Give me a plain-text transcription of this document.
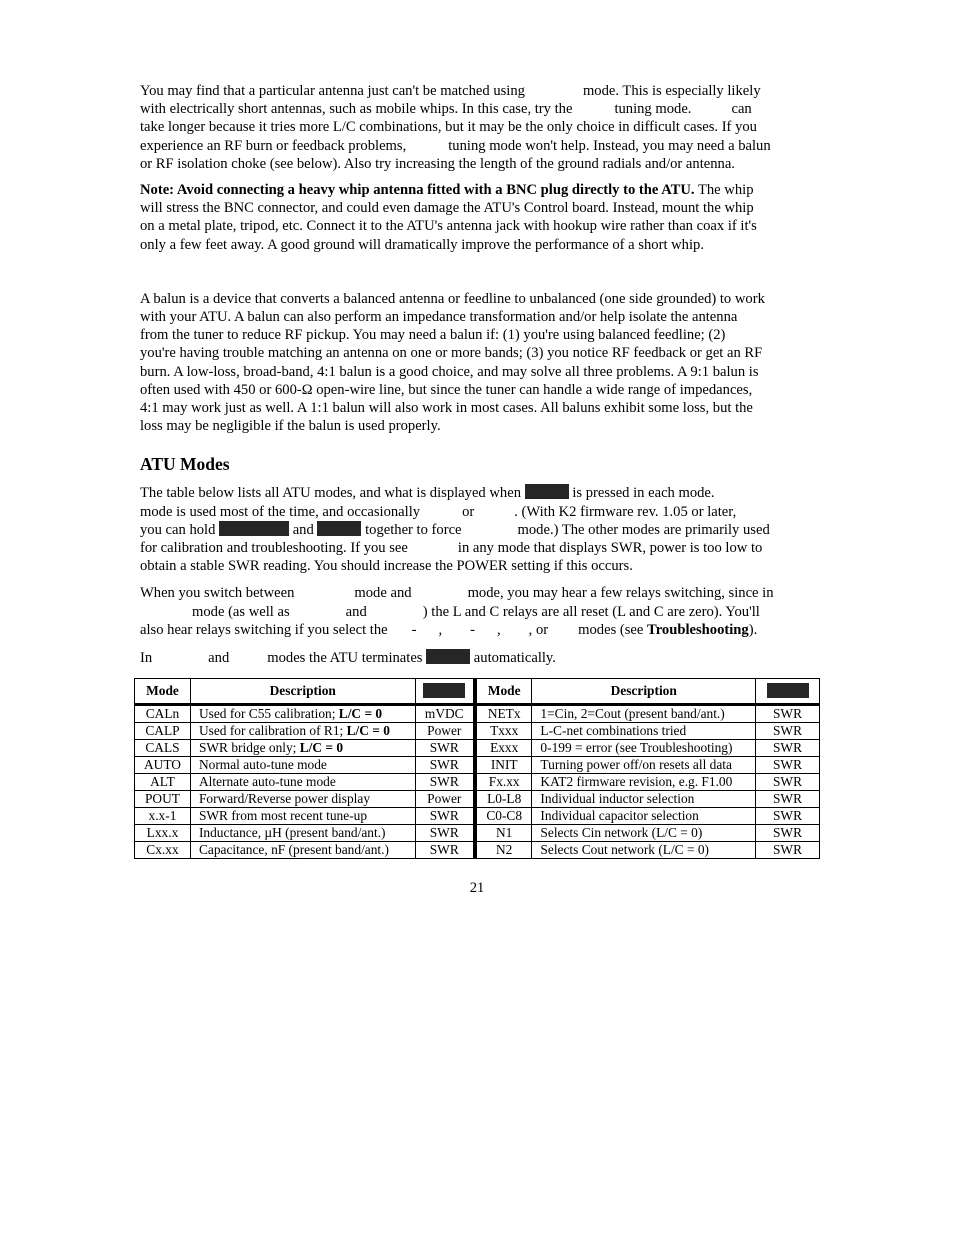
You may find that a particular antenna just can't be matched using	mode. This is especially likely
with electrically short antennas, such as mobile whips. In this case, try the	tuning mode.	can
take longer because it tries more L/C combinations, but it may be the only choice in difficult cases. If you
experience an RF burn or feedback problems,	tuning mode won't help. Instead, you may need a balun
or RF isolation choke (see below). Also try increasing the length of the ground radials and/or antenna.

Note: Avoid connecting a heavy whip antenna fitted with a BNC plug directly to the ATU. The whip
will stress the BNC connector, and could even damage the ATU's Control board. Instead, mount the whip
on a metal plate, tripod, etc. Connect it to the ATU's antenna jack with hookup wire rather than coax if it's
only a few feet away. A good ground will dramatically improve the performance of a short whip.

A balun is a device that converts a balanced antenna or feedline to unbalanced (one side grounded) to work
with your ATU. A balun can also perform an impedance transformation and/or help isolate the antenna
from the tuner to reduce RF pickup. You may need a balun if: (1) you're using balanced feedline; (2)
you're having trouble matching an antenna on one or more bands; (3) you notice RF feedback or get an RF
burn. A low-loss, broad-band, 4:1 balun is a good choice, and may solve all three problems. A 9:1 balun is
often used with 450 or 600-Ω open-wire line, but since the tuner can handle a wide range of impedances,
4:1 may work just as well. A 1:1 balun will also work in most cases. All baluns exhibit some loss, but the
loss may be negligible if the balun is used properly.

ATU Modes

The table below lists all ATU modes, and what is displayed when	is pressed in each mode.
mode is used most of the time, and occasionally	or	. (With K2 firmware rev. 1.05 or later,
you can hold	and	together to force	mode.) The other modes are primarily used
for calibration and troubleshooting. If you see	in any mode that displays SWR, power is too low to
obtain a stable SWR reading. You should increase the POWER setting if this occurs.

When you switch between	mode and	mode, you may hear a few relays switching, since in
mode (as well as	and	) the L and C relays are all reset (L and C are zero). You'll
also hear relays switching if you select the - , - , , or modes (see Troubleshooting).

In	and	modes the ATU terminates	automatically.

Mode	Description		Mode	Description	
CALn	Used for C55 calibration; L/C = 0	mVDC	NETx	1=Cin, 2=Cout (present band/ant.)	SWR
CALP	Used for calibration of R1; L/C = 0	Power	Txxx	L-C-net combinations tried	SWR
CALS	SWR bridge only; L/C = 0	SWR	Exxx	0-199 = error (see Troubleshooting)	SWR
AUTO	Normal auto-tune mode	SWR	INIT	Turning power off/on resets all data	SWR
ALT	Alternate auto-tune mode	SWR	Fx.xx	KAT2 firmware revision, e.g. F1.00	SWR
POUT	Forward/Reverse power display	Power	L0-L8	Individual inductor selection	SWR
x.x-1	SWR from most recent tune-up	SWR	C0-C8	Individual capacitor selection	SWR
Lxx.x	Inductance, µH (present band/ant.)	SWR	N1	Selects Cin network (L/C = 0)	SWR
Cx.xx	Capacitance, nF (present band/ant.)	SWR	N2	Selects Cout network (L/C = 0)	SWR
21
